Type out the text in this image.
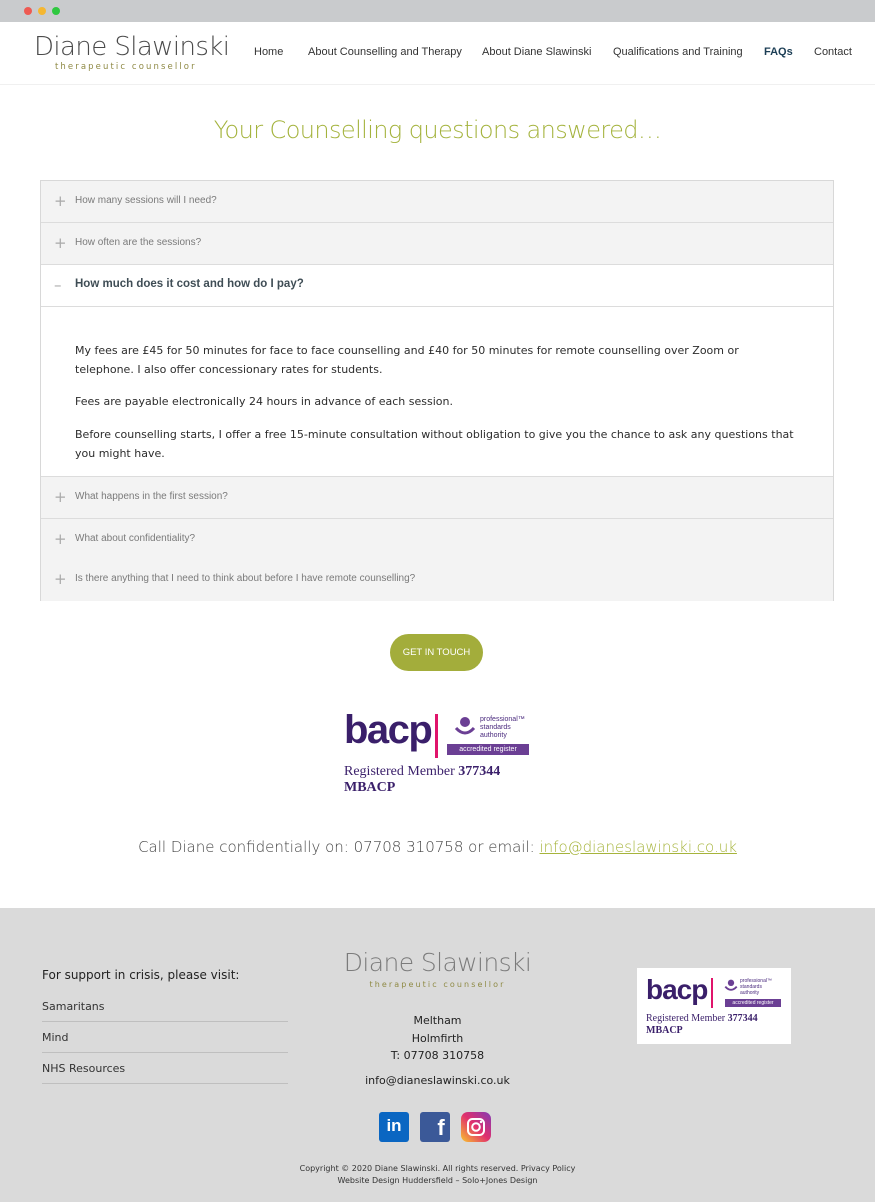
Diane Slawinski
therapeutic counsellor
Home About Counselling and Therapy About Diane Slawinski Qualifications and Training FAQs Contact
Your Counselling questions answered…
+ How many sessions will I need?
+ How often are the sessions?
– How much does it cost and how do I pay?

My fees are £45 for 50 minutes for face to face counselling and £40 for 50 minutes for remote counselling over Zoom or telephone. I also offer concessionary rates for students.

Fees are payable electronically 24 hours in advance of each session.

Before counselling starts, I offer a free 15-minute consultation without obligation to give you the chance to ask any questions that you might have.

+ What happens in the first session?
+ What about confidentiality?
+ Is there anything that I need to think about before I have remote counselling?
GET IN TOUCH
bacp	professional™
standards
authority
accredited register
Registered Member 377344
MBACP
Call Diane confidentially on: 07708 310758 or email: info@dianeslawinski.co.uk
For support in crisis, please visit:
Samaritans
Mind
NHS Resources
Diane Slawinski
therapeutic counsellor
Meltham
Holmfirth
T: 07708 310758
info@dianeslawinski.co.uk
in	f
bacp	professional™
standards
authority
accredited register
Registered Member 377344
MBACP
Copyright © 2020 Diane Slawinski. All rights reserved. Privacy Policy
Website Design Huddersfield – Solo+Jones Design
